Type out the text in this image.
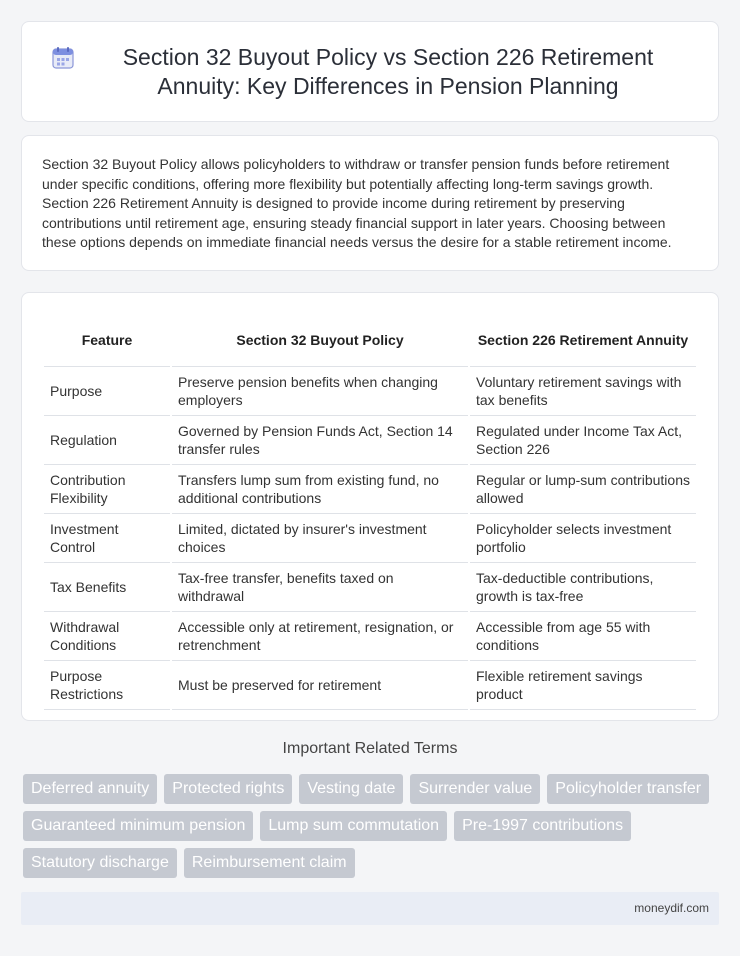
Section 32 Buyout Policy vs Section 226 Retirement Annuity: Key Differences in Pension Planning

Section 32 Buyout Policy allows policyholders to withdraw or transfer pension funds before retirement under specific conditions, offering more flexibility but potentially affecting long-term savings growth. Section 226 Retirement Annuity is designed to provide income during retirement by preserving contributions until retirement age, ensuring steady financial support in later years. Choosing between these options depends on immediate financial needs versus the desire for a stable retirement income.

Feature	Section 32 Buyout Policy	Section 226 Retirement Annuity
Purpose	Preserve pension benefits when changing employers	Voluntary retirement savings with tax benefits
Regulation	Governed by Pension Funds Act, Section 14 transfer rules	Regulated under Income Tax Act, Section 226
Contribution Flexibility	Transfers lump sum from existing fund, no additional contributions	Regular or lump-sum contributions allowed
Investment Control	Limited, dictated by insurer's investment choices	Policyholder selects investment portfolio
Tax Benefits	Tax-free transfer, benefits taxed on withdrawal	Tax-deductible contributions, growth is tax-free
Withdrawal Conditions	Accessible only at retirement, resignation, or retrenchment	Accessible from age 55 with conditions
Purpose Restrictions	Must be preserved for retirement	Flexible retirement savings product
Important Related Terms
Deferred annuity	Protected rights	Vesting date	Surrender value	Policyholder transfer
Guaranteed minimum pension	Lump sum commutation	Pre-1997 contributions
Statutory discharge	Reimbursement claim
moneydif.com
